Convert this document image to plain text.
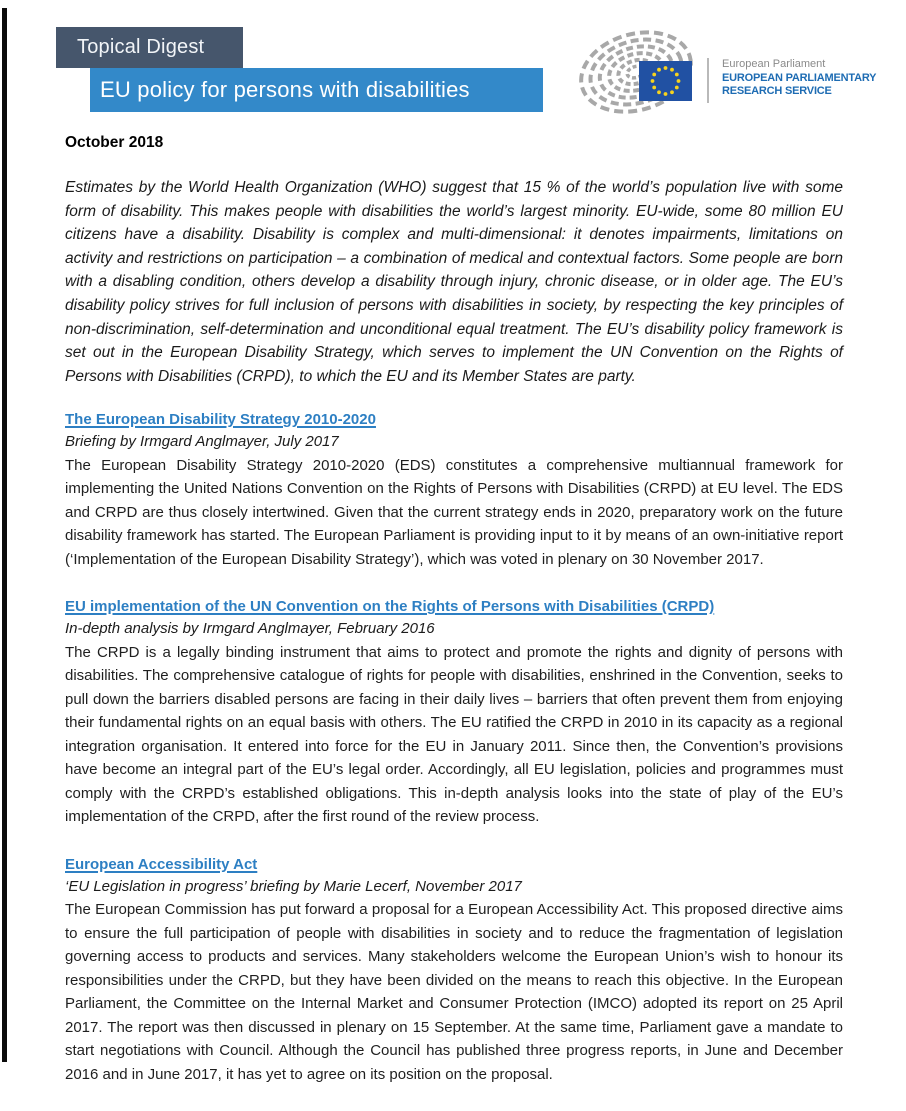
Topical Digest
EU policy for persons with disabilities
European Parliament
EUROPEAN PARLIAMENTARY
RESEARCH SERVICE
October 2018

Estimates by the World Health Organization (WHO) suggest that 15 % of the world’s population live with some form of disability. This makes people with disabilities the world’s largest minority. EU-wide, some 80 million EU citizens have a disability. Disability is complex and multi-dimensional: it denotes impairments, limitations on activity and restrictions on participation – a combination of medical and contextual factors. Some people are born with a disabling condition, others develop a disability through injury, chronic disease, or in older age. The EU’s disability policy strives for full inclusion of persons with disabilities in society, by respecting the key principles of non-discrimination, self-determination and unconditional equal treatment. The EU’s disability policy framework is set out in the European Disability Strategy, which serves to implement the UN Convention on the Rights of Persons with Disabilities (CRPD), to which the EU and its Member States are party.

The European Disability Strategy 2010-2020
Briefing by Irmgard Anglmayer, July 2017

The European Disability Strategy 2010-2020 (EDS) constitutes a comprehensive multiannual framework for implementing the United Nations Convention on the Rights of Persons with Disabilities (CRPD) at EU level. The EDS and CRPD are thus closely intertwined. Given that the current strategy ends in 2020, preparatory work on the future disability framework has started. The European Parliament is providing input to it by means of an own-initiative report (‘Implementation of the European Disability Strategy’), which was voted in plenary on 30 November 2017.

EU implementation of the UN Convention on the Rights of Persons with Disabilities (CRPD)
In-depth analysis by Irmgard Anglmayer, February 2016

The CRPD is a legally binding instrument that aims to protect and promote the rights and dignity of persons with disabilities. The comprehensive catalogue of rights for people with disabilities, enshrined in the Convention, seeks to pull down the barriers disabled persons are facing in their daily lives – barriers that often prevent them from enjoying their fundamental rights on an equal basis with others. The EU ratified the CRPD in 2010 in its capacity as a regional integration organisation. It entered into force for the EU in January 2011. Since then, the Convention’s provisions have become an integral part of the EU’s legal order. Accordingly, all EU legislation, policies and programmes must comply with the CRPD’s established obligations. This in-depth analysis looks into the state of play of the EU’s implementation of the CRPD, after the first round of the review process.

European Accessibility Act
‘EU Legislation in progress’ briefing by Marie Lecerf, November 2017

The European Commission has put forward a proposal for a European Accessibility Act. This proposed directive aims to ensure the full participation of people with disabilities in society and to reduce the fragmentation of legislation governing access to products and services. Many stakeholders welcome the European Union’s wish to honour its responsibilities under the CRPD, but they have been divided on the means to reach this objective. In the European Parliament, the Committee on the Internal Market and Consumer Protection (IMCO) adopted its report on 25 April 2017. The report was then discussed in plenary on 15 September. At the same time, Parliament gave a mandate to start negotiations with Council. Although the Council has published three progress reports, in June and December 2016 and in June 2017, it has yet to agree on its position on the proposal.
